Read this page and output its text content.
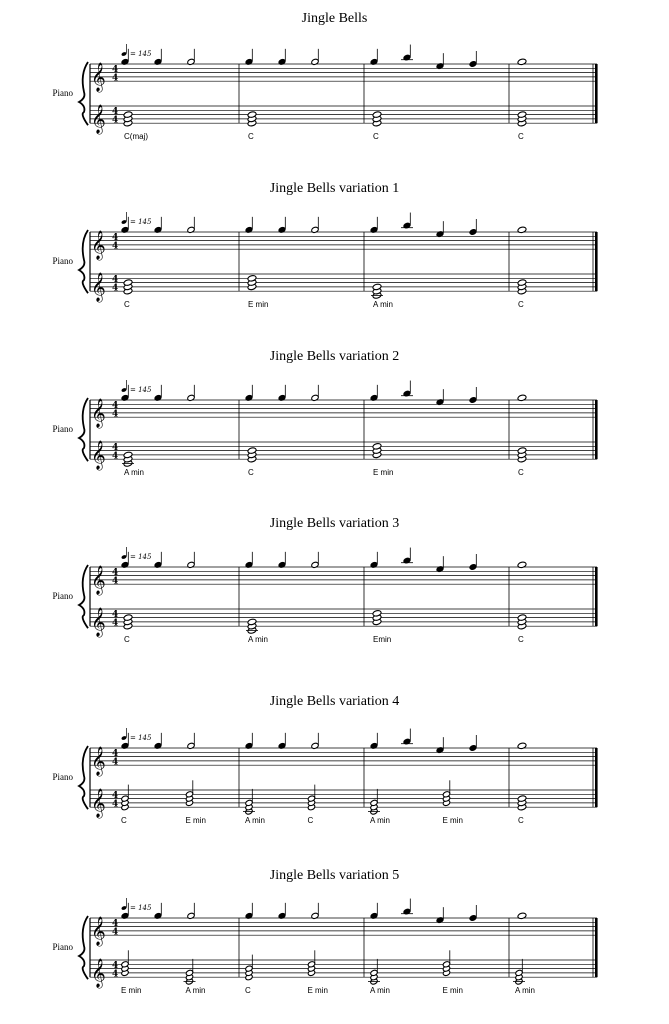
Jingle Bells
Piano
= 145
𝄞 4
4
𝄞 4
4
C(maj)	C	C	C
Jingle Bells variation 1
Piano
= 145
𝄞 4
4
𝄞 4
4
C	E min	A min	C
Jingle Bells variation 2
Piano
= 145
𝄞 4
4
𝄞 4
4
A min	C	E min	C
Jingle Bells variation 3
Piano
= 145
𝄞 4
4
𝄞 4
4
C	A min	Emin	C
Jingle Bells variation 4
Piano
= 145
𝄞 4
4
𝄞 4
4
C	E min	A min	C	A min	E min	C
Jingle Bells variation 5
Piano
= 145
𝄞 4
4
𝄞 4
4
E min	A min	C	E min	A min	E min	A min
